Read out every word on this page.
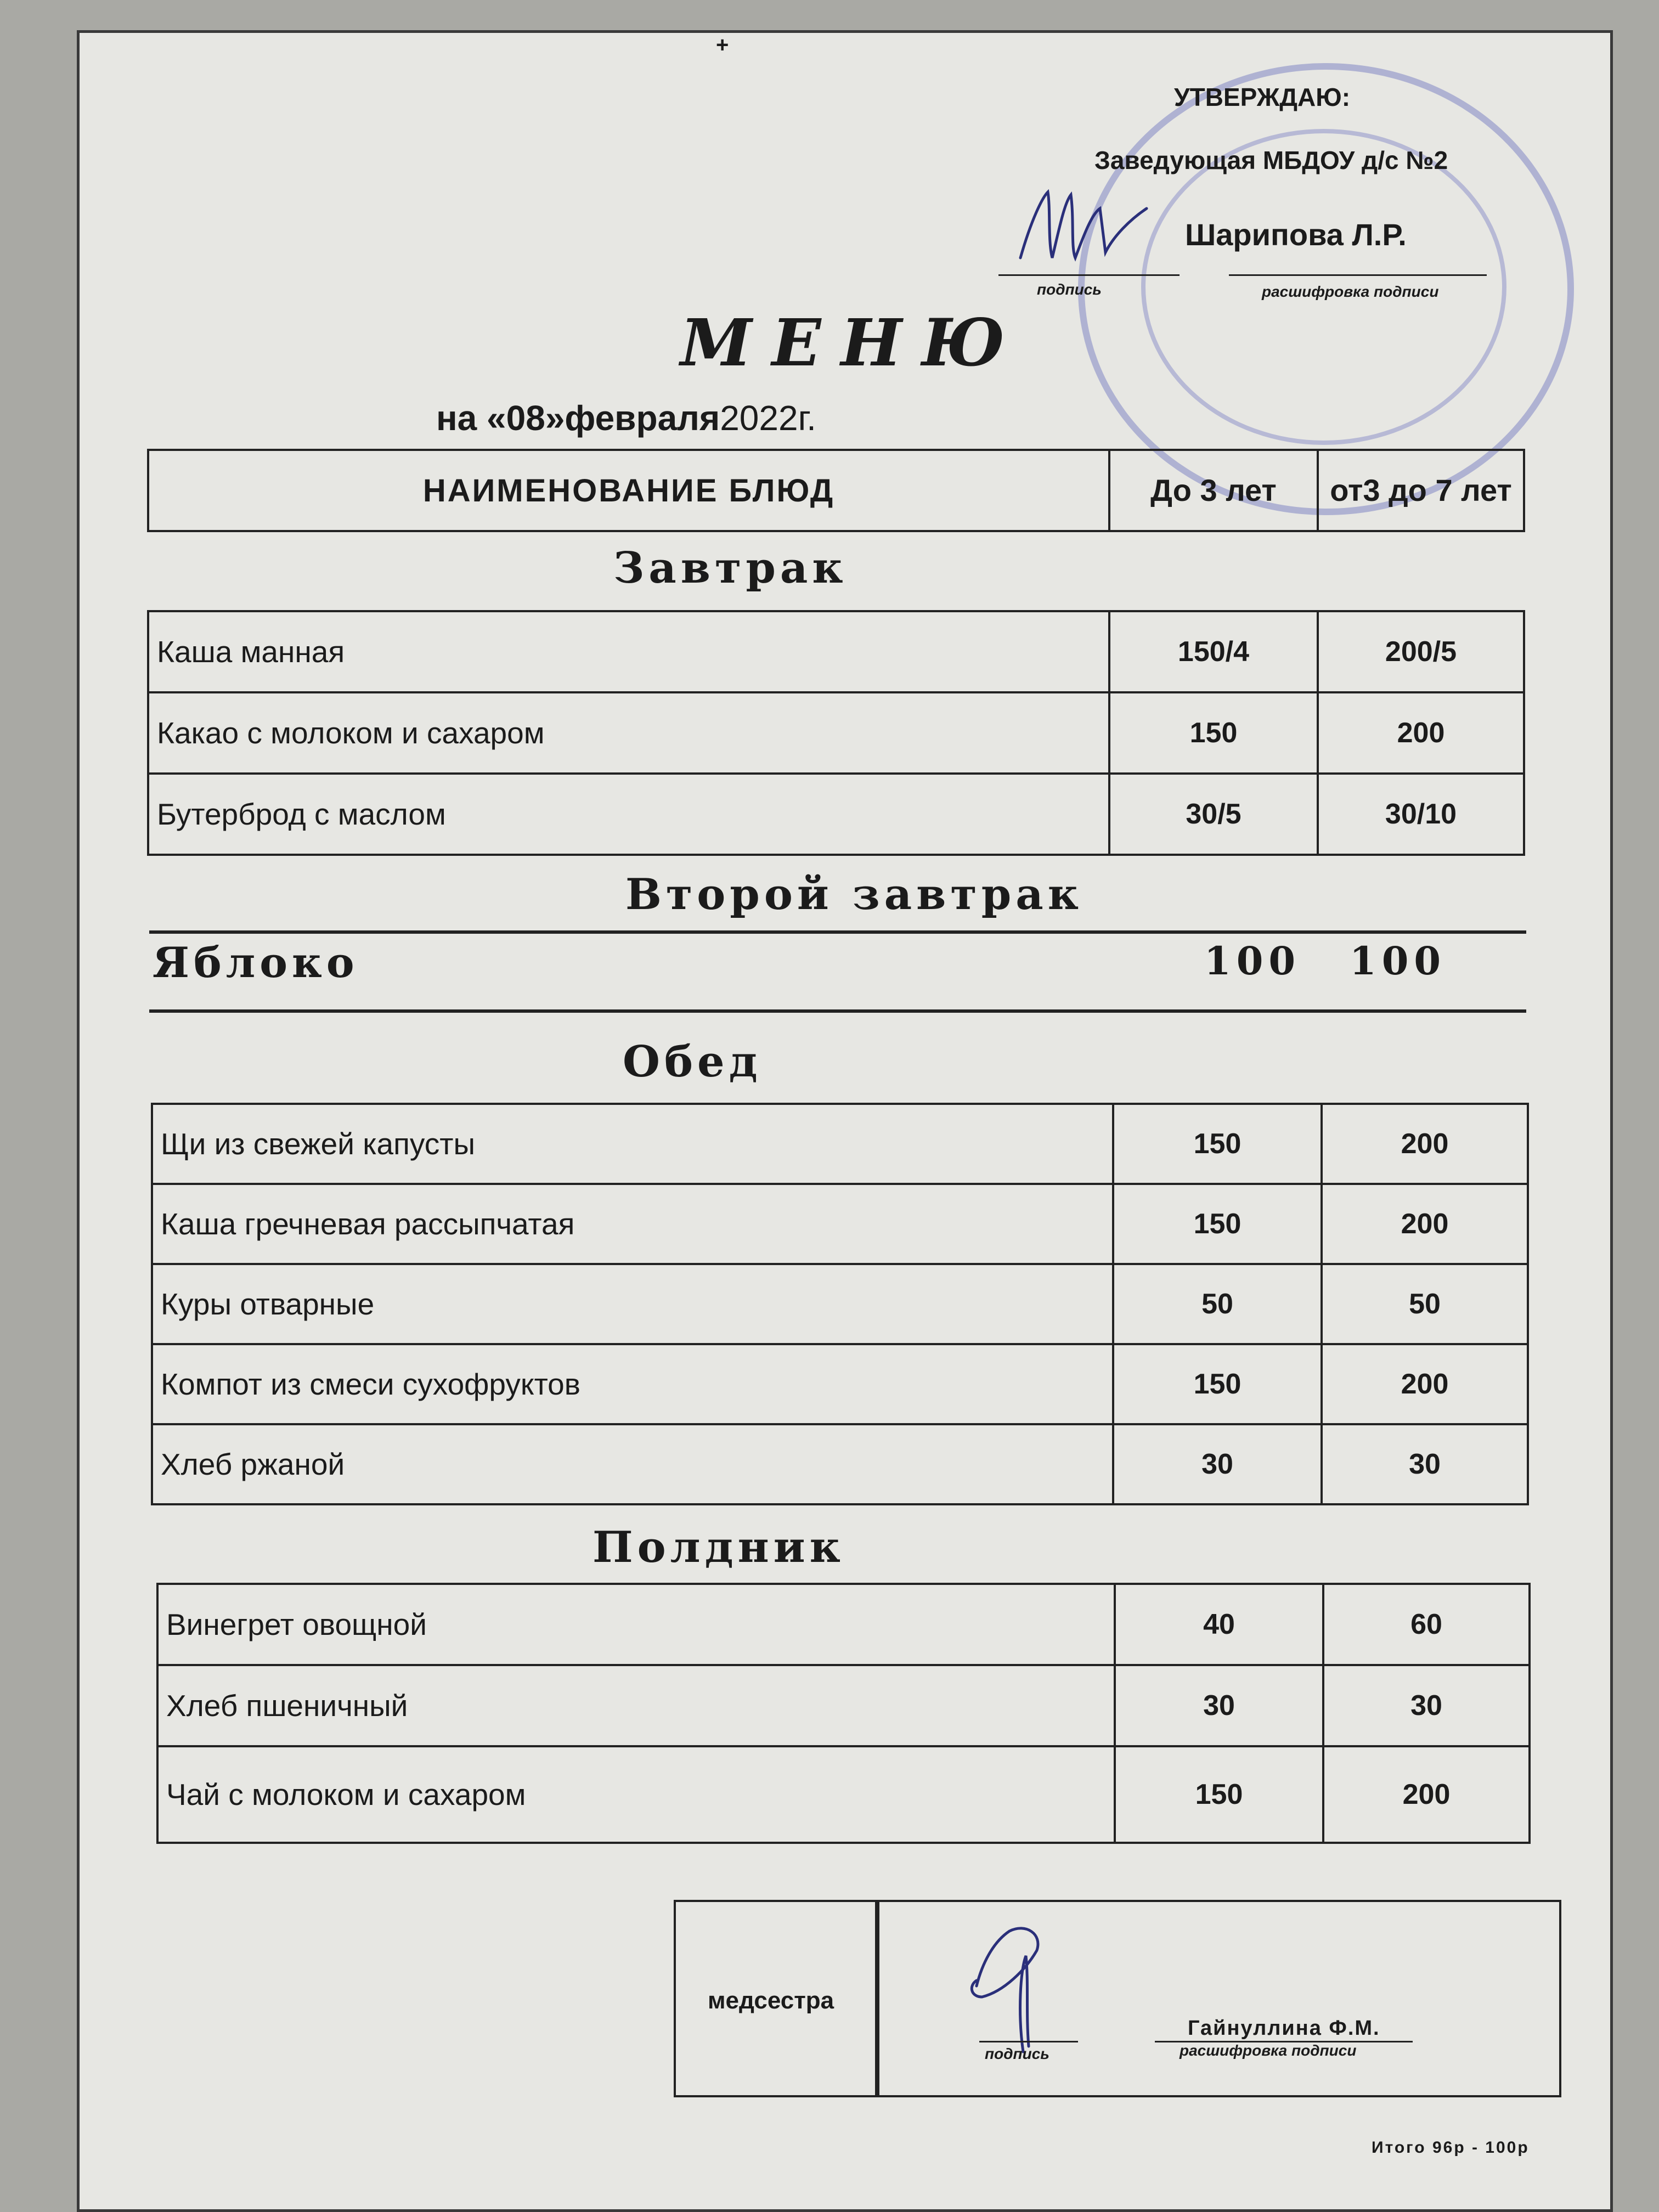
+
УТВЕРЖДАЮ:
Заведующая МБДОУ д/с №2
Шарипова Л.Р.
подпись	расшифровка подписи
МЕНЮ
на «08»февраля2022г.
НАИМЕНОВАНИЕ БЛЮД	До 3 лет	от3 до 7 лет
Завтрак
Каша манная	150/4	200/5
Какао с молоком и сахаром	150	200
Бутерброд с маслом	30/5	30/10
Второй завтрак
Яблоко	100 100
Обед
Щи из свежей капусты	150	200
Каша гречневая рассыпчатая	150	200
Куры отварные	50	50
Компот из смеси сухофруктов	150	200
Хлеб ржаной	30	30
Полдник
Винегрет овощной	40	60
Хлеб пшеничный	30	30
Чай с молоком и сахаром	150	200
медсестра
Гайнуллина Ф.М.
подпись	расшифровка подписи
Итого 96р - 100р
